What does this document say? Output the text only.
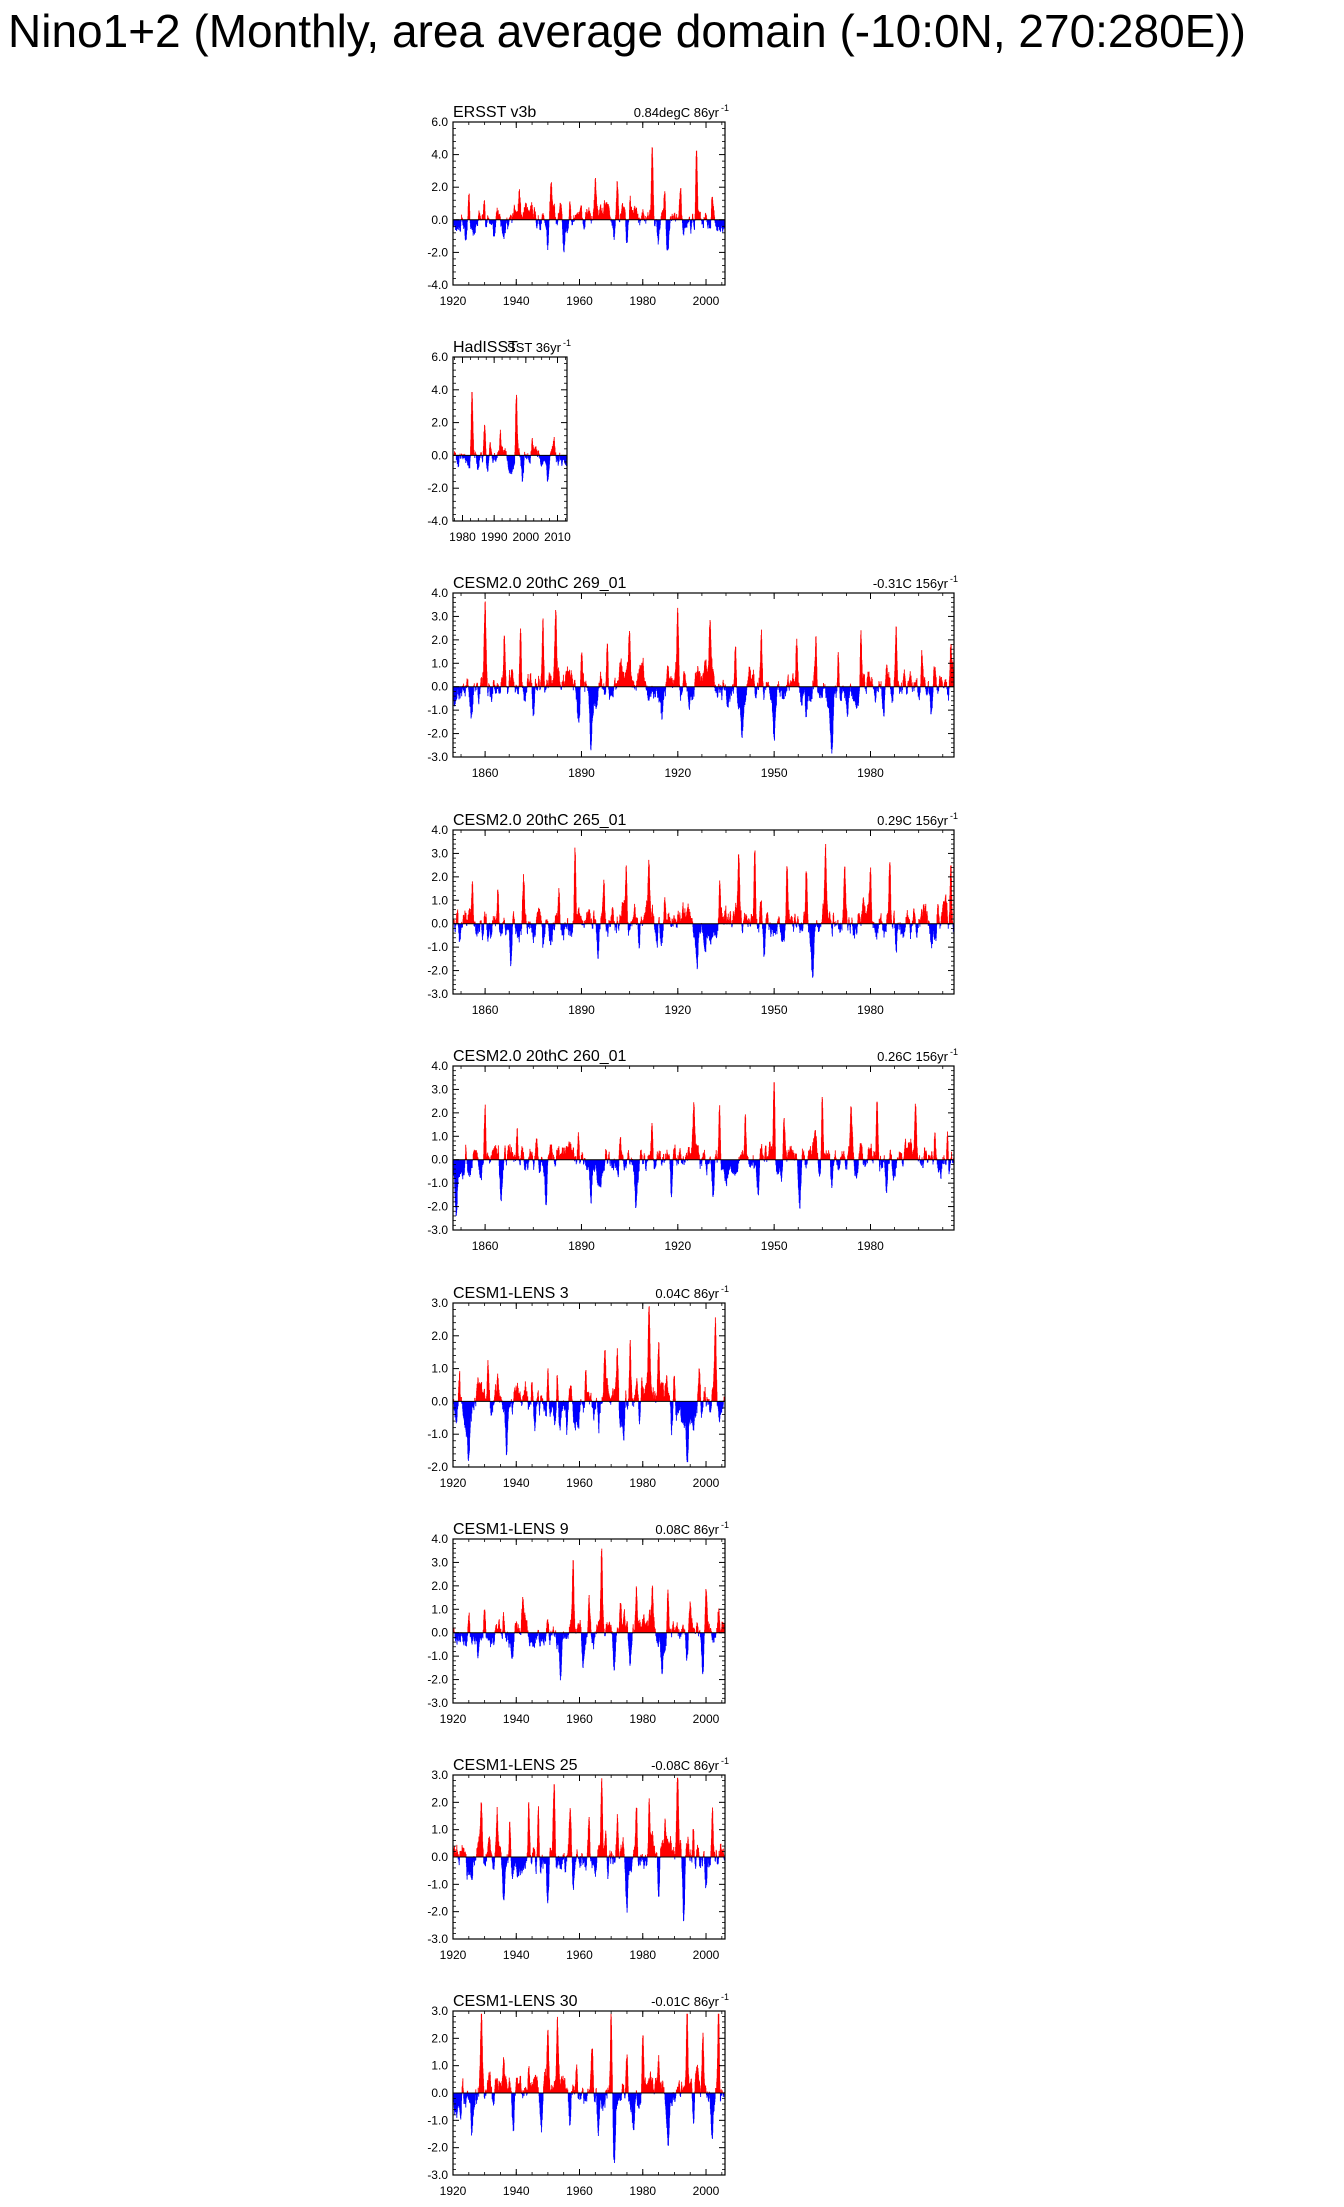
Nino1+2 (Monthly, area average domain (-10:0N, 270:280E))
6.0
4.0
2.0
0.0
-2.0
-4.0
1920	1940	1960	1980	2000
ERSST v3b	0.84degC 86yr -1
6.0
4.0
2.0
0.0
-2.0
-4.0
1980 1990 2000 2010
HadISST
SST 36yr -1
4.0
3.0
2.0
1.0
0.0
-1.0
-2.0
-3.0
1860	1890	1920	1950	1980
CESM2.0 20thC 269_01	-0.31C 156yr -1
4.0
3.0
2.0
1.0
0.0
-1.0
-2.0
-3.0
1860	1890	1920	1950	1980
CESM2.0 20thC 265_01	0.29C 156yr -1
4.0
3.0
2.0
1.0
0.0
-1.0
-2.0
-3.0
1860	1890	1920	1950	1980
CESM2.0 20thC 260_01	0.26C 156yr -1
3.0
2.0
1.0
0.0
-1.0
-2.0
1920	1940	1960	1980	2000
CESM1-LENS 3	0.04C 86yr -1
4.0
3.0
2.0
1.0
0.0
-1.0
-2.0
-3.0
1920	1940	1960	1980	2000
CESM1-LENS 9	0.08C 86yr -1
3.0
2.0
1.0
0.0
-1.0
-2.0
-3.0
1920	1940	1960	1980	2000
CESM1-LENS 25	-0.08C 86yr -1
3.0
2.0
1.0
0.0
-1.0
-2.0
-3.0
1920	1940	1960	1980	2000
CESM1-LENS 30	-0.01C 86yr -1
